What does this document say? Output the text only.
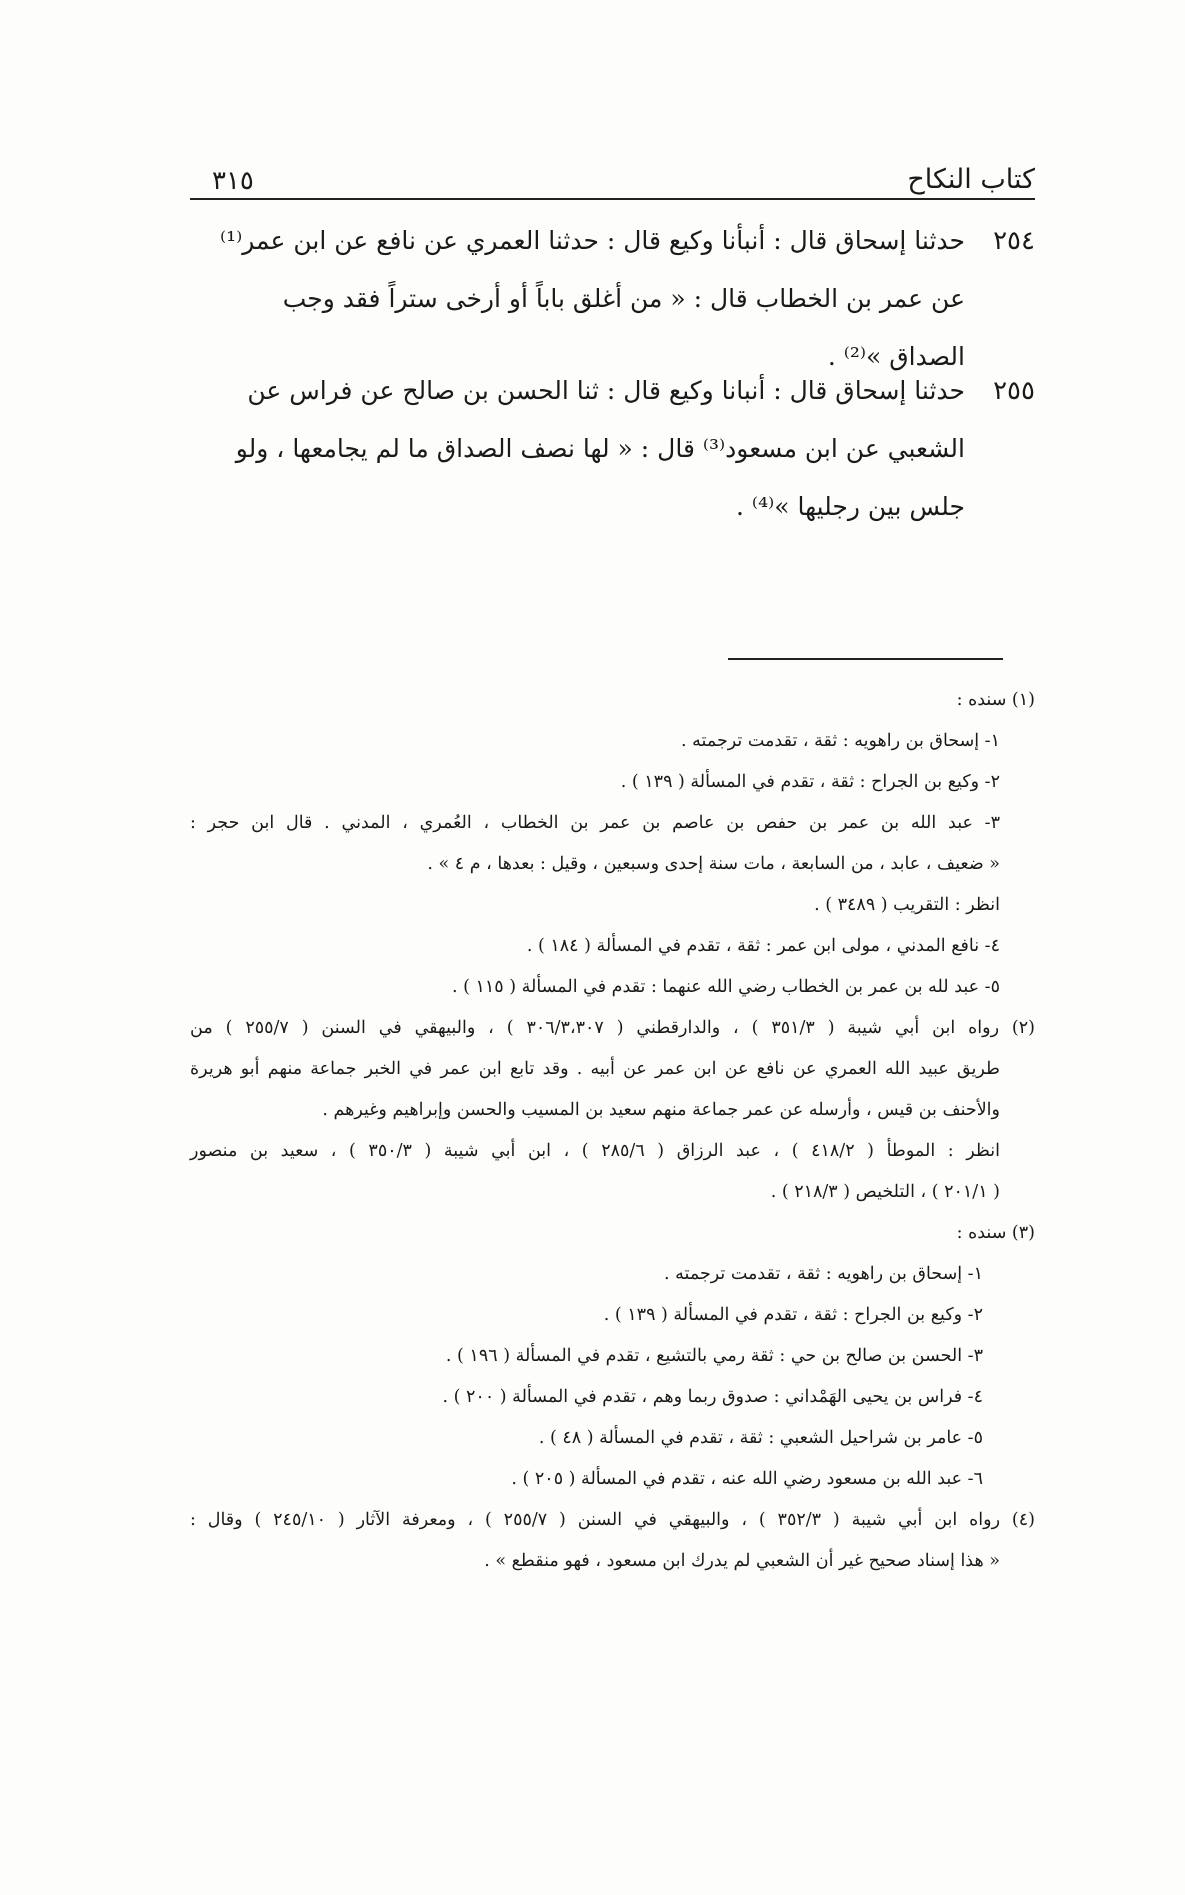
كتاب النكاح
٣١٥
٢٥٤
حدثنا إسحاق قال : أنبأنا وكيع قال : حدثنا العمري عن نافع عن ابن عمر⁽¹⁾
عن عمر بن الخطاب قال : « من أغلق باباً أو أرخى ستراً فقد وجب
الصداق »⁽²⁾ .
٢٥٥
حدثنا إسحاق قال : أنبانا وكيع قال : ثنا الحسن بن صالح عن فراس عن
الشعبي عن ابن مسعود⁽³⁾ قال : « لها نصف الصداق ما لم يجامعها ، ولو
جلس بين رجليها »⁽⁴⁾ .

(١) سنده :

١- إسحاق بن راهويه : ثقة ، تقدمت ترجمته .

٢- وكيع بن الجراح : ثقة ، تقدم في المسألة ( ١٣٩ ) .

٣- عبد الله بن عمر بن حفص بن عاصم بن عمر بن الخطاب ، العُمري ، المدني . قال ابن حجر :

« ضعيف ، عابد ، من السابعة ، مات سنة إحدى وسبعين ، وقيل : بعدها ، م ٤ » .

انظر : التقريب ( ٣٤٨٩ ) .

٤- نافع المدني ، مولى ابن عمر : ثقة ، تقدم في المسألة ( ١٨٤ ) .

٥- عبد لله بن عمر بن الخطاب رضي الله عنهما : تقدم في المسألة ( ١١٥ ) .

(٢) رواه ابن أبي شيبة ( ٣٥١/٣ ) ، والدارقطني ( ٣٠٦/٣،٣٠٧ ) ، والبيهقي في السنن ( ٢٥٥/٧ ) من

طريق عبيد الله العمري عن نافع عن ابن عمر عن أبيه . وقد تابع ابن عمر في الخبر جماعة منهم أبو هريرة

والأحنف بن قيس ، وأرسله عن عمر جماعة منهم سعيد بن المسيب والحسن وإبراهيم وغيرهم .

انظر : الموطأ ( ٤١٨/٢ ) ، عبد الرزاق ( ٢٨٥/٦ ) ، ابن أبي شيبة ( ٣٥٠/٣ ) ، سعيد بن منصور

( ٢٠١/١ ) ، التلخيص ( ٢١٨/٣ ) .

(٣) سنده :

١- إسحاق بن راهويه : ثقة ، تقدمت ترجمته .

٢- وكيع بن الجراح : ثقة ، تقدم في المسألة ( ١٣٩ ) .

٣- الحسن بن صالح بن حي : ثقة رمي بالتشيع ، تقدم في المسألة ( ١٩٦ ) .

٤- فراس بن يحيى الهَمْداني : صدوق ربما وهم ، تقدم في المسألة ( ٢٠٠ ) .

٥- عامر بن شراحيل الشعبي : ثقة ، تقدم في المسألة ( ٤٨ ) .

٦- عبد الله بن مسعود رضي الله عنه ، تقدم في المسألة ( ٢٠٥ ) .

(٤) رواه ابن أبي شيبة ( ٣٥٢/٣ ) ، والبيهقي في السنن ( ٢٥٥/٧ ) ، ومعرفة الآثار ( ٢٤٥/١٠ ) وقال :

« هذا إسناد صحيح غير أن الشعبي لم يدرك ابن مسعود ، فهو منقطع » .
